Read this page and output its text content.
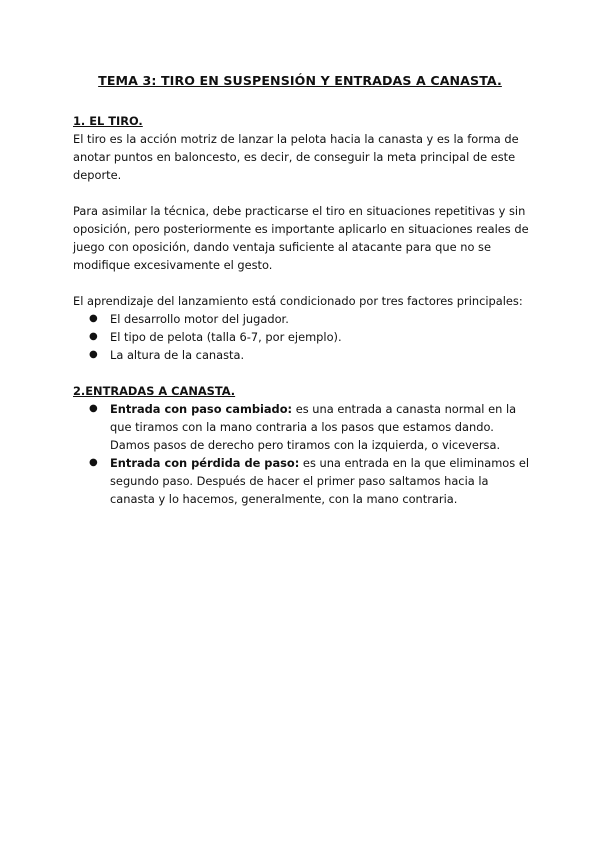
TEMA 3: TIRO EN SUSPENSIÓN Y ENTRADAS A CANASTA.

1. EL TIRO.

El tiro es la acción motriz de lanzar la pelota hacia la canasta y es la forma de anotar puntos en baloncesto, es decir, de conseguir la meta principal de este deporte.

Para asimilar la técnica, debe practicarse el tiro en situaciones repetitivas y sin oposición, pero posteriormente es importante aplicarlo en situaciones reales de juego con oposición, dando ventaja suficiente al atacante para que no se modifique excesivamente el gesto.

El aprendizaje del lanzamiento está condicionado por tres factores principales:

● El desarrollo motor del jugador.
● El tipo de pelota (talla 6-7, por ejemplo).
● La altura de la canasta.

2.ENTRADAS A CANASTA.

● Entrada con paso cambiado: es una entrada a canasta normal en la que tiramos con la mano contraria a los pasos que estamos dando. Damos pasos de derecho pero tiramos con la izquierda, o viceversa.
● Entrada con pérdida de paso: es una entrada en la que eliminamos el segundo paso. Después de hacer el primer paso saltamos hacia la canasta y lo hacemos, generalmente, con la mano contraria.
